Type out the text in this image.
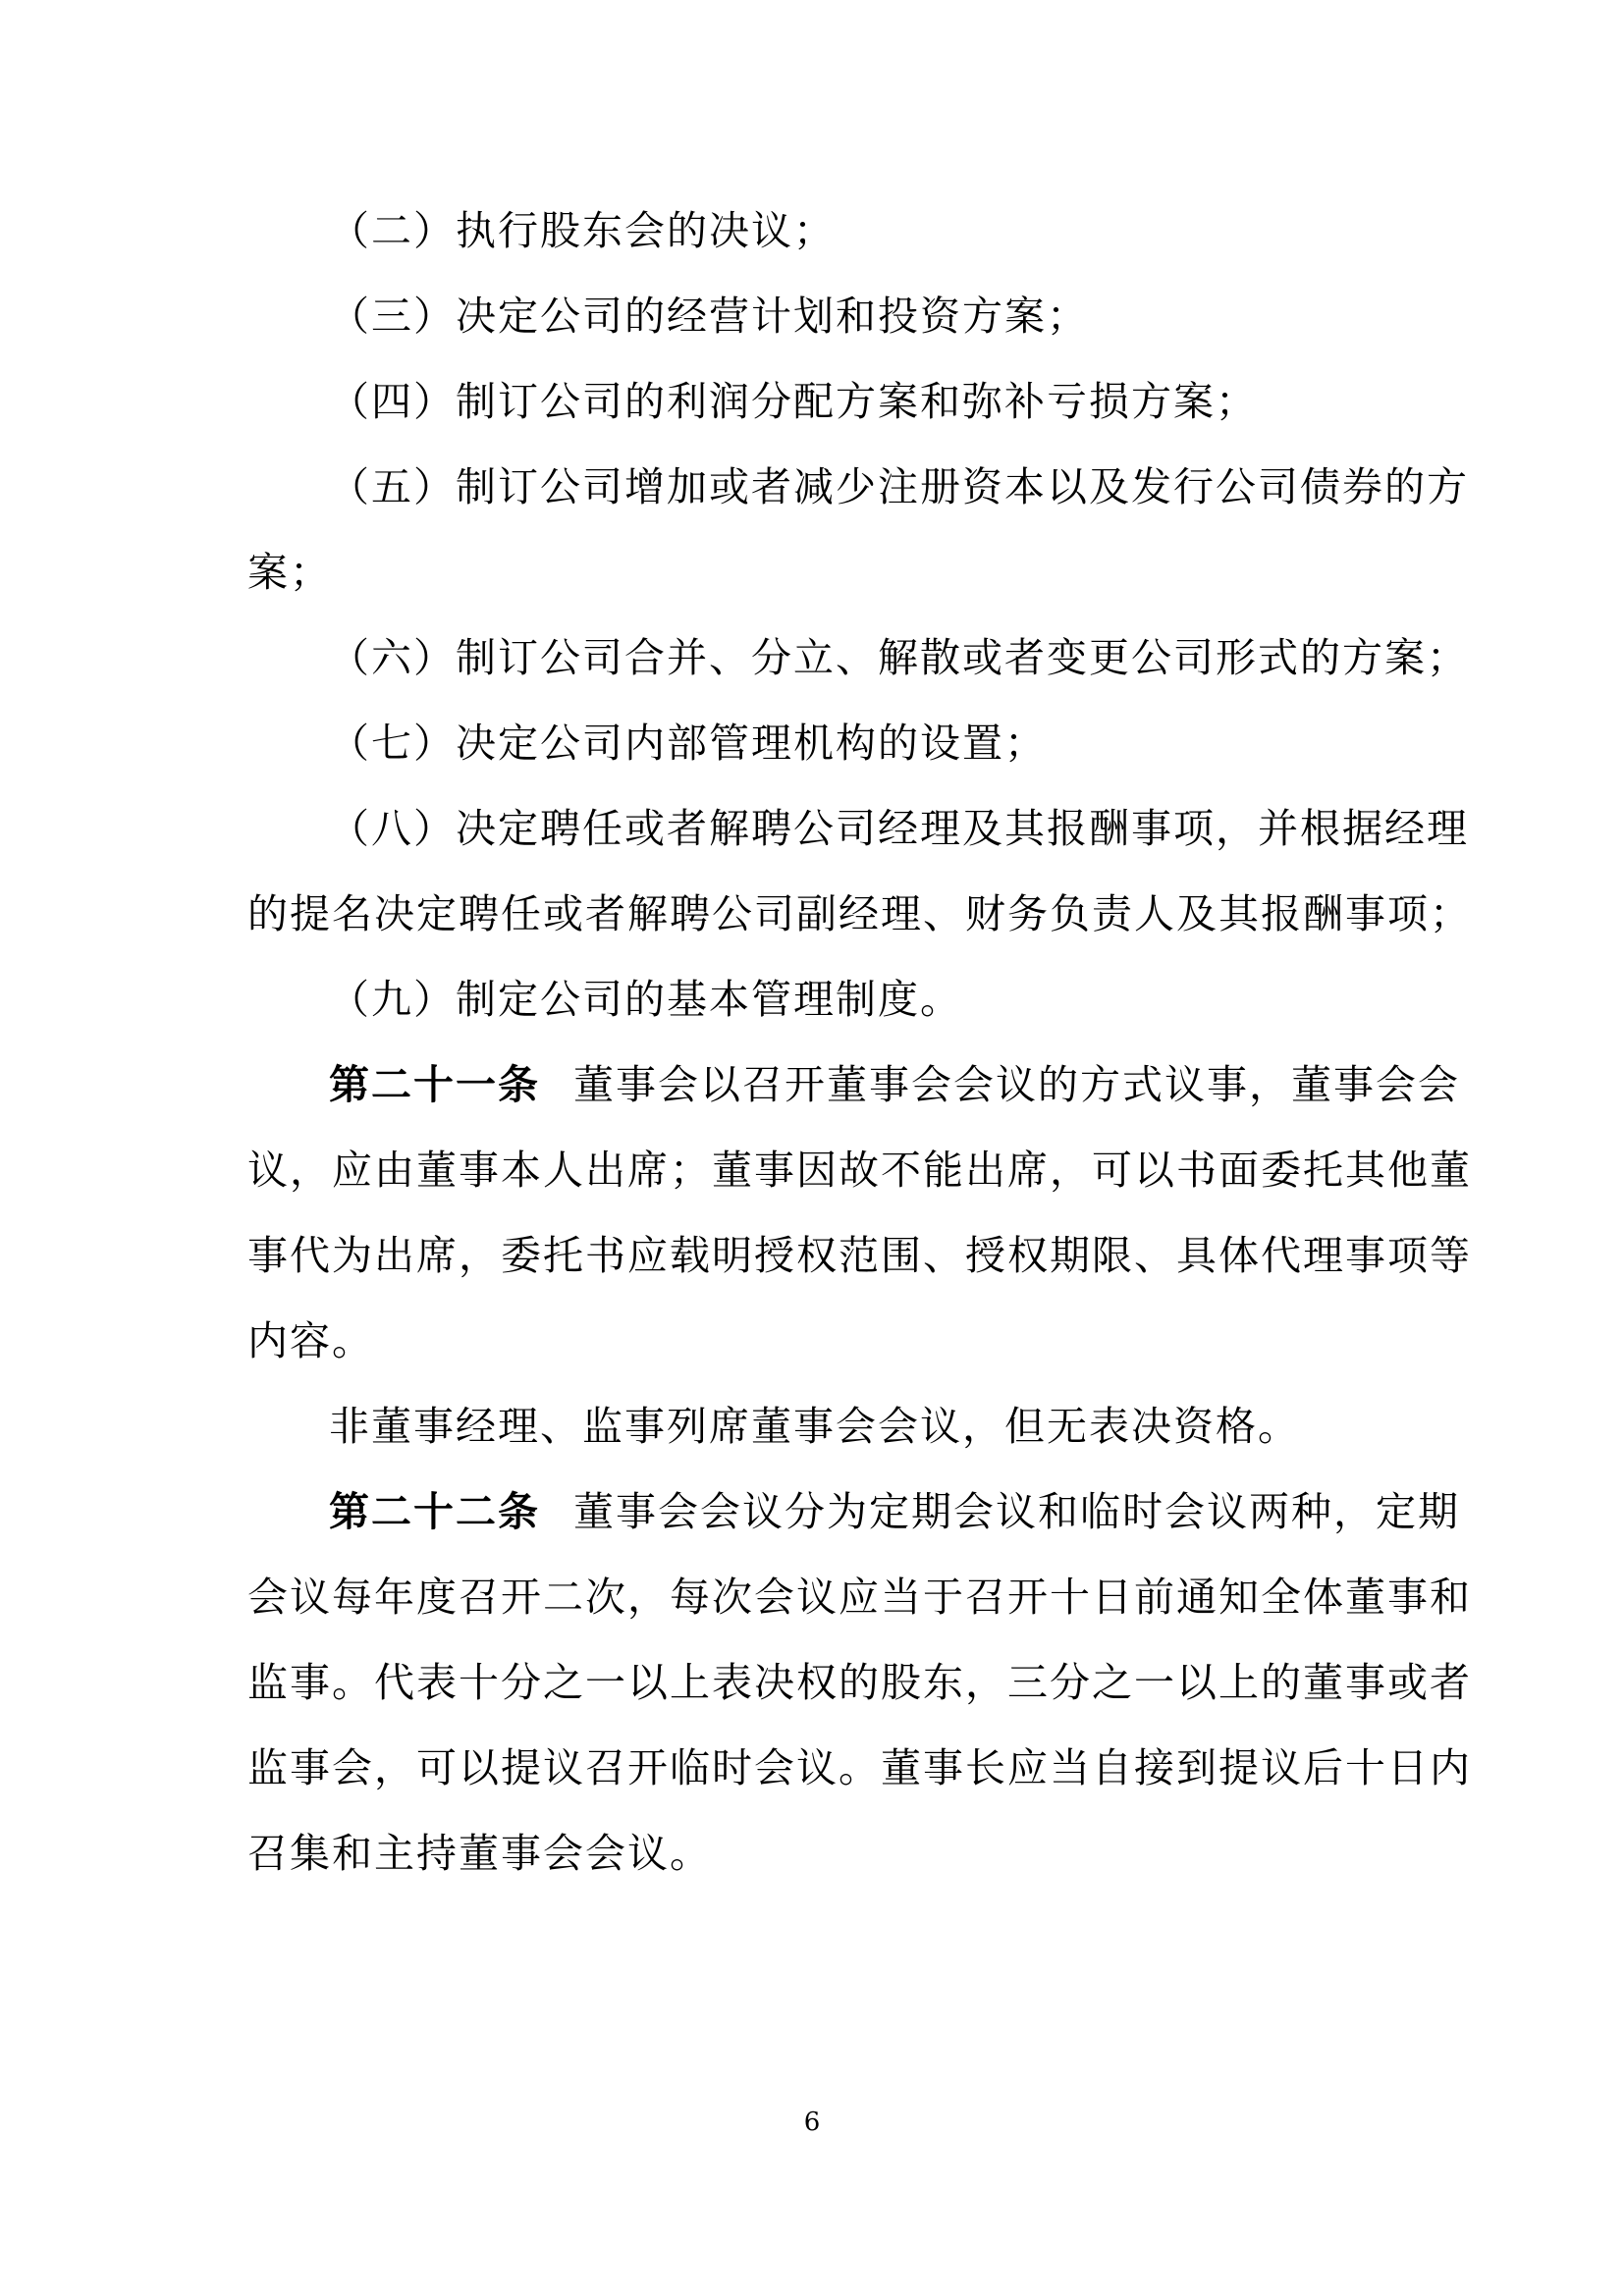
（二）执行股东会的决议；
（三）决定公司的经营计划和投资方案；
（四）制订公司的利润分配方案和弥补亏损方案；
（五）制订公司增加或者减少注册资本以及发行公司债券的方
案；
（六）制订公司合并、分立、解散或者变更公司形式的方案；
（七）决定公司内部管理机构的设置；
（八）决定聘任或者解聘公司经理及其报酬事项，并根据经理
的提名决定聘任或者解聘公司副经理、财务负责人及其报酬事项；
（九）制定公司的基本管理制度。
第二十一条 董事会以召开董事会会议的方式议事，董事会会
议，应由董事本人出席；董事因故不能出席，可以书面委托其他董
事代为出席，委托书应载明授权范围、授权期限、具体代理事项等
内容。
非董事经理、监事列席董事会会议，但无表决资格。
第二十二条 董事会会议分为定期会议和临时会议两种，定期
会议每年度召开二次，每次会议应当于召开十日前通知全体董事和
监事。代表十分之一以上表决权的股东，三分之一以上的董事或者
监事会，可以提议召开临时会议。董事长应当自接到提议后十日内
召集和主持董事会会议。
6
